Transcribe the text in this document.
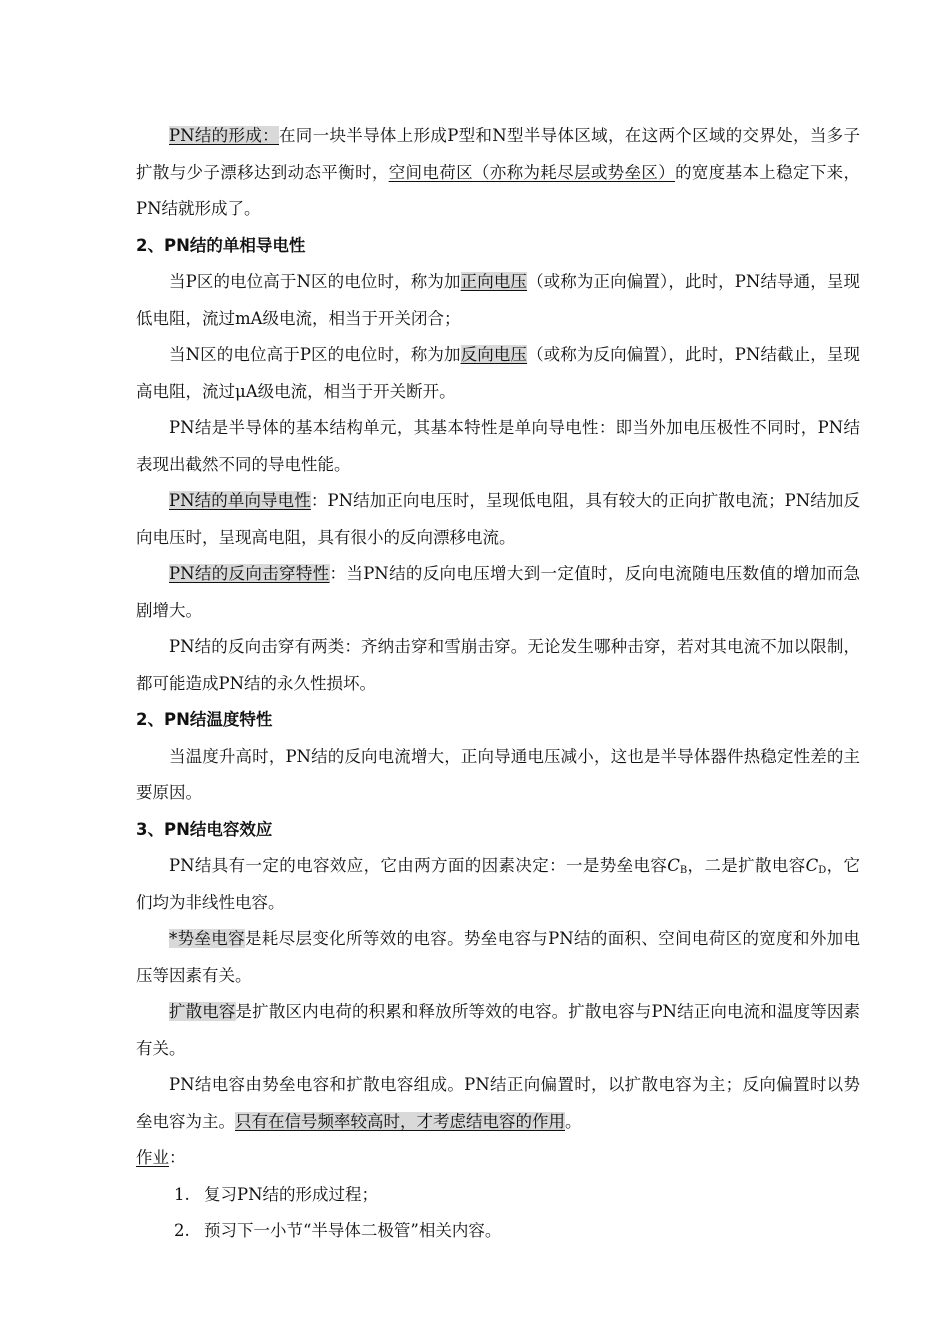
PN结的形成：在同一块半导体上形成P型和N型半导体区域，在这两个区域的交界处，当多子扩散与少子漂移达到动态平衡时，空间电荷区（亦称为耗尽层或势垒区）的宽度基本上稳定下来，PN结就形成了。

2、PN结的单相导电性

当P区的电位高于N区的电位时，称为加正向电压（或称为正向偏置），此时，PN结导通，呈现低电阻，流过mA级电流，相当于开关闭合；

当N区的电位高于P区的电位时，称为加反向电压（或称为反向偏置），此时，PN结截止，呈现高电阻，流过μA级电流，相当于开关断开。

PN结是半导体的基本结构单元，其基本特性是单向导电性：即当外加电压极性不同时，PN结表现出截然不同的导电性能。

PN结的单向导电性：PN结加正向电压时，呈现低电阻，具有较大的正向扩散电流；PN结加反向电压时，呈现高电阻，具有很小的反向漂移电流。

PN结的反向击穿特性：当PN结的反向电压增大到一定值时，反向电流随电压数值的增加而急剧增大。

PN结的反向击穿有两类：齐纳击穿和雪崩击穿。无论发生哪种击穿，若对其电流不加以限制，都可能造成PN结的永久性损坏。

2、PN结温度特性

当温度升高时，PN结的反向电流增大，正向导通电压减小，这也是半导体器件热稳定性差的主要原因。

3、PN结电容效应

PN结具有一定的电容效应，它由两方面的因素决定：一是势垒电容$C_B$，二是扩散电容$C_D$，它们均为非线性电容。

*势垒电容是耗尽层变化所等效的电容。势垒电容与PN结的面积、空间电荷区的宽度和外加电压等因素有关。

扩散电容是扩散区内电荷的积累和释放所等效的电容。扩散电容与PN结正向电流和温度等因素有关。

PN结电容由势垒电容和扩散电容组成。PN结正向偏置时，以扩散电容为主；反向偏置时以势垒电容为主。只有在信号频率较高时，才考虑结电容的作用。

作业：

1. 复习PN结的形成过程；
2. 预习下一小节“半导体二极管”相关内容。
